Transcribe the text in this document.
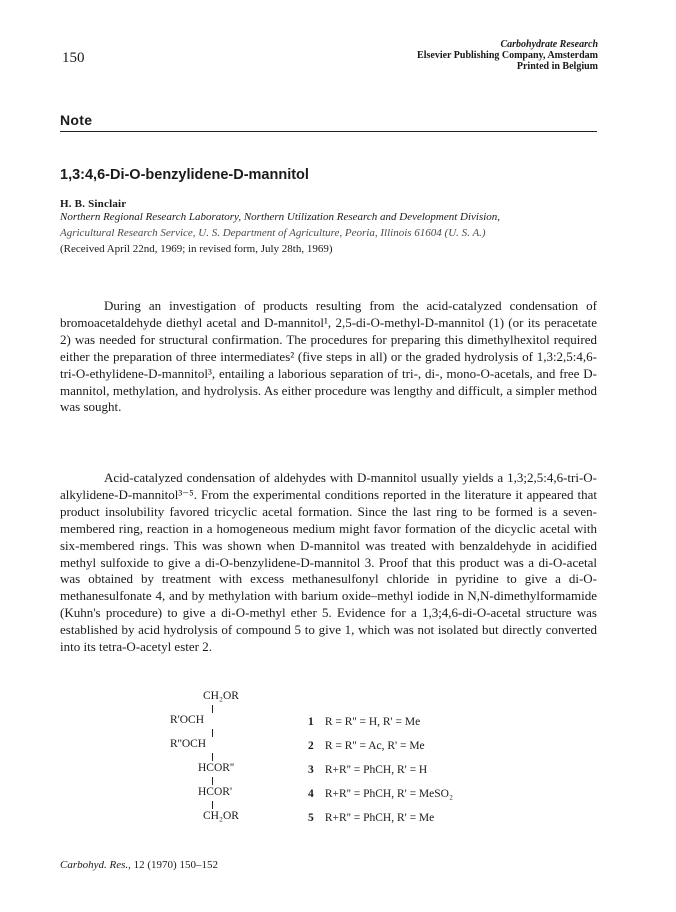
150
Carbohydrate Research
Elsevier Publishing Company, Amsterdam
Printed in Belgium
Note
1,3:4,6-Di-O-benzylidene-D-mannitol
H. B. Sinclair
Northern Regional Research Laboratory, Northern Utilization Research and Development Division,
Agricultural Research Service, U. S. Department of Agriculture, Peoria, Illinois 61604 (U. S. A.)
(Received April 22nd, 1969; in revised form, July 28th, 1969)
During an investigation of products resulting from the acid-catalyzed condensation of bromoacetaldehyde diethyl acetal and D-mannitol¹, 2,5-di-O-methyl-D-mannitol (1) (or its peracetate 2) was needed for structural confirmation. The procedures for preparing this dimethylhexitol required either the preparation of three intermediates² (five steps in all) or the graded hydrolysis of 1,3:2,5:4,6-tri-O-ethylidene-D-mannitol³, entailing a laborious separation of tri-, di-, mono-O-acetals, and free D-mannitol, methylation, and hydrolysis. As either procedure was lengthy and difficult, a simpler method was sought.
Acid-catalyzed condensation of aldehydes with D-mannitol usually yields a 1,3;2,5:4,6-tri-O-alkylidene-D-mannitol³⁻⁵. From the experimental conditions reported in the literature it appeared that product insolubility favored tricyclic acetal formation. Since the last ring to be formed is a seven-membered ring, reaction in a homogeneous medium might favor formation of the dicyclic acetal with six-membered rings. This was shown when D-mannitol was treated with benzaldehyde in acidified methyl sulfoxide to give a di-O-benzylidene-D-mannitol 3. Proof that this product was a di-O-acetal was obtained by treatment with excess methanesulfonyl chloride in pyridine to give a di-O-methanesulfonate 4, and by methylation with barium oxide–methyl iodide in N,N-dimethylformamide (Kuhn's procedure) to give a di-O-methyl ether 5. Evidence for a 1,3;4,6-di-O-acetal structure was established by acid hydrolysis of compound 5 to give 1, which was not isolated but directly converted into its tetra-O-acetyl ester 2.
CH₂OR
R'OCH
R''OCH
HCOR''
HCOR'
CH₂OR
1 R = R'' = H, R' = Me
2 R = R'' = Ac, R' = Me
3 R+R'' = PhCH, R' = H
4 R+R'' = PhCH, R' = MeSO₂
5 R+R'' = PhCH, R' = Me
Carbohyd. Res., 12 (1970) 150–152
